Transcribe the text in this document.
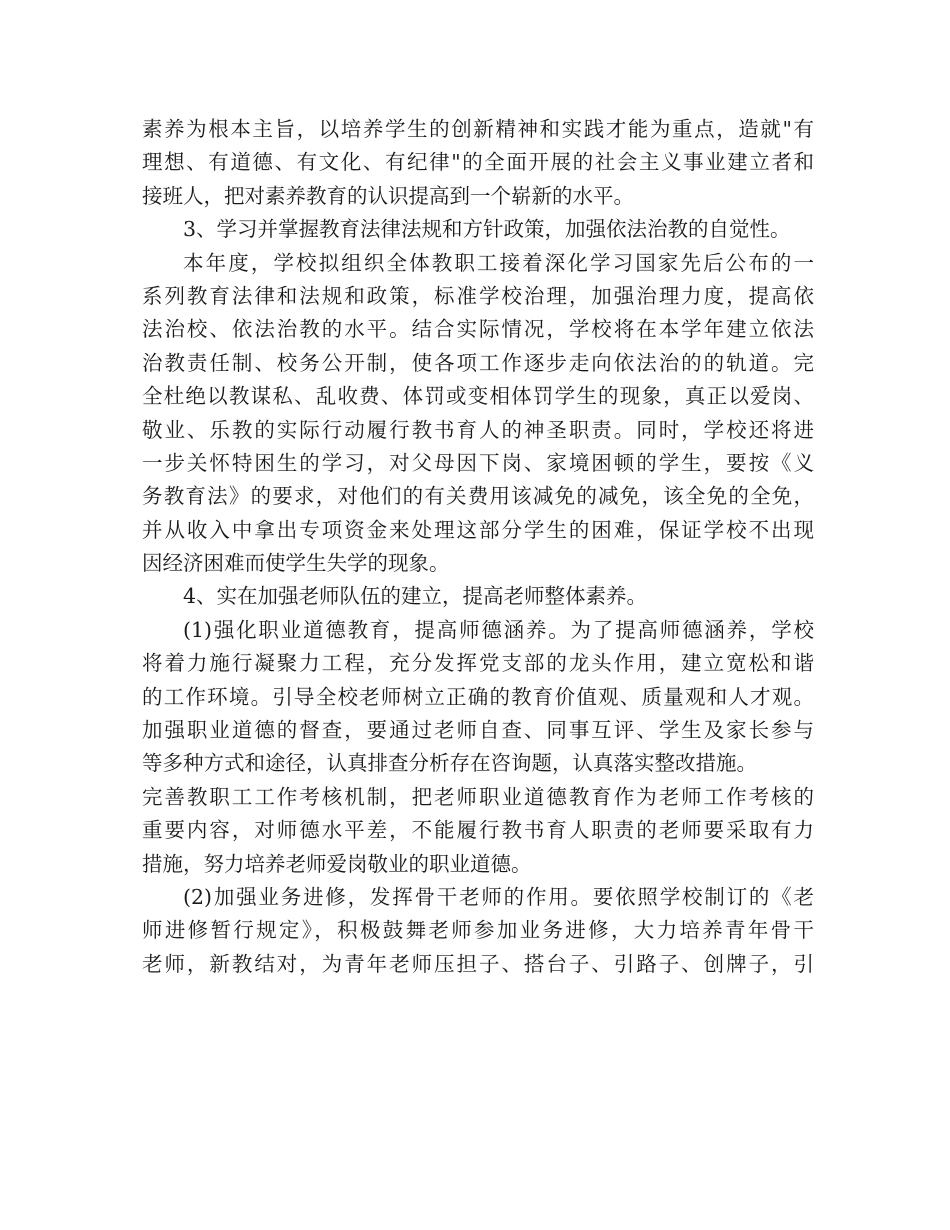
素养为根本主旨，以培养学生的创新精神和实践才能为重点，造就"有
理想、有道德、有文化、有纪律"的全面开展的社会主义事业建立者和
接班人，把对素养教育的认识提高到一个崭新的水平。
3、学习并掌握教育法律法规和方针政策，加强依法治教的自觉性。
本年度，学校拟组织全体教职工接着深化学习国家先后公布的一
系列教育法律和法规和政策，标准学校治理，加强治理力度，提高依
法治校、依法治教的水平。结合实际情况，学校将在本学年建立依法
治教责任制、校务公开制，使各项工作逐步走向依法治的的轨道。完
全杜绝以教谋私、乱收费、体罚或变相体罚学生的现象，真正以爱岗、
敬业、乐教的实际行动履行教书育人的神圣职责。同时，学校还将进
一步关怀特困生的学习，对父母因下岗、家境困顿的学生，要按《义
务教育法》的要求，对他们的有关费用该减免的减免，该全免的全免，
并从收入中拿出专项资金来处理这部分学生的困难，保证学校不出现
因经济困难而使学生失学的现象。
4、实在加强老师队伍的建立，提高老师整体素养。
(1)强化职业道德教育，提高师德涵养。为了提高师德涵养，学校
将着力施行凝聚力工程，充分发挥党支部的龙头作用，建立宽松和谐
的工作环境。引导全校老师树立正确的教育价值观、质量观和人才观。
加强职业道德的督查，要通过老师自查、同事互评、学生及家长参与
等多种方式和途径，认真排查分析存在咨询题，认真落实整改措施。
完善教职工工作考核机制，把老师职业道德教育作为老师工作考核的
重要内容，对师德水平差，不能履行教书育人职责的老师要采取有力
措施，努力培养老师爱岗敬业的职业道德。
(2)加强业务进修，发挥骨干老师的作用。要依照学校制订的《老
师进修暂行规定》，积极鼓舞老师参加业务进修，大力培养青年骨干
老师，新教结对，为青年老师压担子、搭台子、引路子、创牌子，引
